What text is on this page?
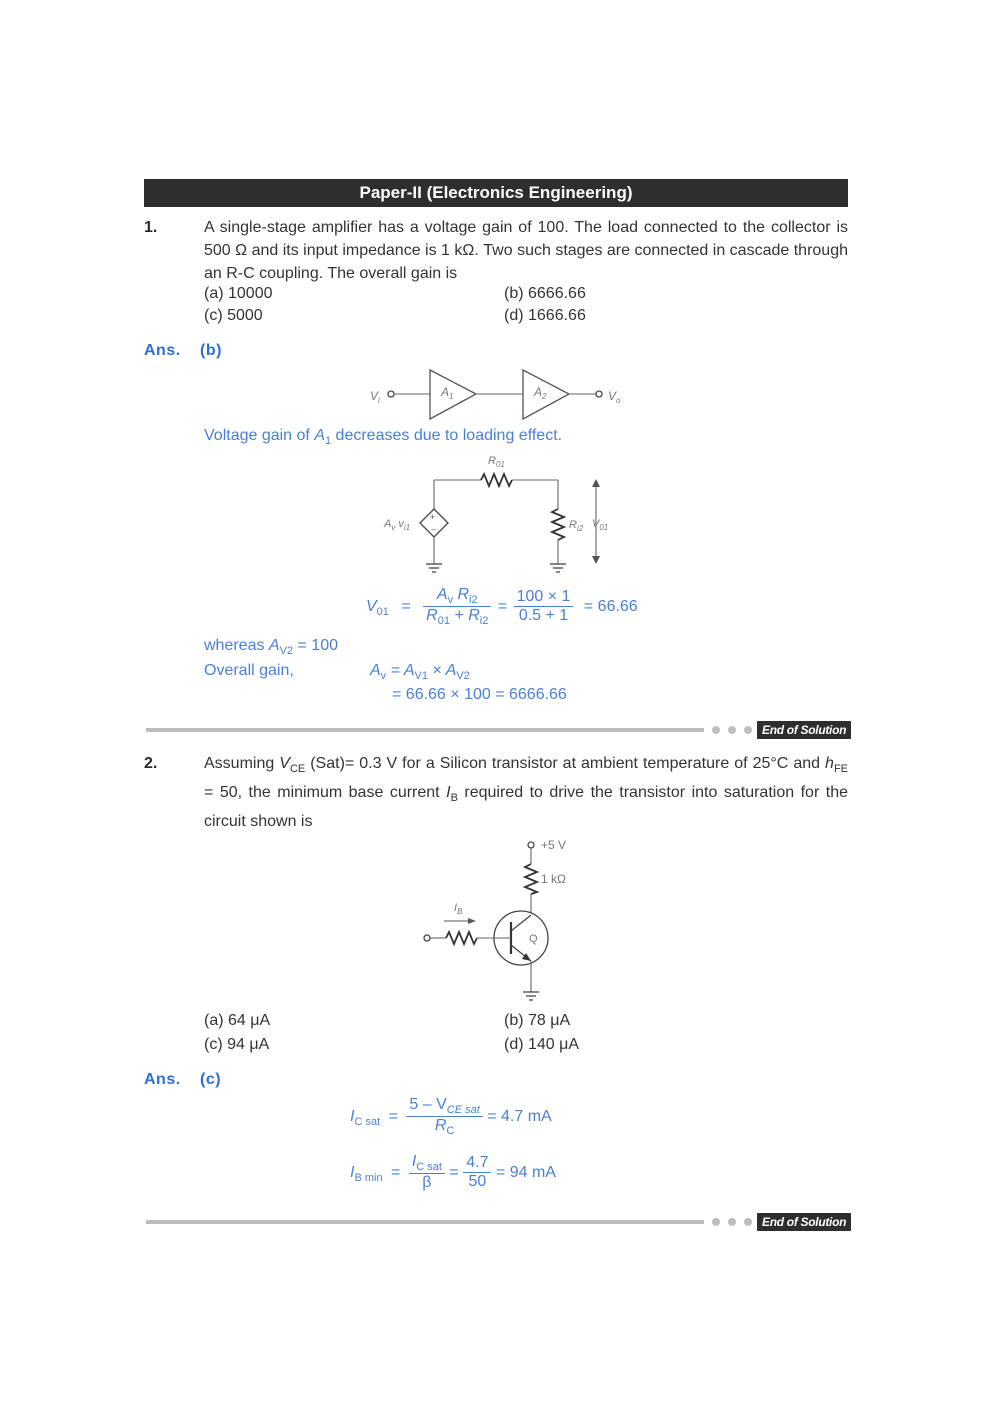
Paper-II (Electronics Engineering)
1.	A single-stage amplifier has a voltage gain of 100. The load connected to the collector is 500 Ω and its input impedance is 1 kΩ. Two such stages are connected in cascade through an R-C coupling. The overall gain is
(a) 10000	(b) 6666.66
(c) 5000	(d) 1666.66
Ans. (b)
$V_i$
$A_1$	$A_2$	$V_o$
Voltage gain of $A_1$ decreases due to loading effect.
$R_{01}$
+
–
$A_v$ $v_{i1}$	$R_{i2}$ $V_{01}$
$V_{01} = \frac{A_v R_{i2}}{R_{01} + R_{i2}} = \frac{100 \times 1}{0.5 + 1} = 66.66$
whereas $A_{V2} = 100$
Overall gain,	$A_v = A_{V1} \times A_{V2}$
= 66.66 × 100 = 6666.66
End of Solution
2.	Assuming $V_{CE}$ (Sat)= 0.3 V for a Silicon transistor at ambient temperature of 25°C and $h_{FE} = 50$, the minimum base current $I_B$ required to drive the transistor into saturation for the circuit shown is
+5 V
1 kΩ
Q
$I_B$
(a) 64 μA	(b) 78 μA
(c) 94 μA	(d) 140 μA
Ans. (c)
$I_{C sat} = \frac{5 - V_{CE sat}}{R_C} = 4.7$ mA
$I_{B min} = \frac{I_{C sat}}{\beta} = \frac{4.7}{50} = 94$ mA
End of Solution
